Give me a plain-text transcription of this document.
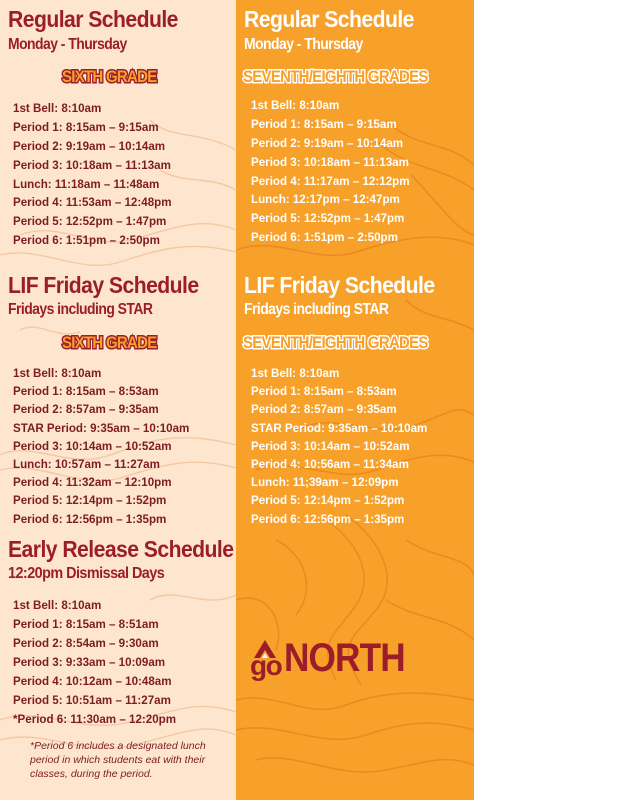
Regular Schedule
Monday - Thursday
SIXTH GRADE
1st Bell: 8:10am
Period 1: 8:15am – 9:15am
Period 2: 9:19am – 10:14am
Period 3: 10:18am – 11:13am
Lunch: 11:18am – 11:48am
Period 4: 11:53am – 12:48pm
Period 5: 12:52pm – 1:47pm
Period 6: 1:51pm – 2:50pm
LIF Friday Schedule
Fridays including STAR
SIXTH GRADE
1st Bell: 8:10am
Period 1: 8:15am – 8:53am
Period 2: 8:57am – 9:35am
STAR Period: 9:35am – 10:10am
Period 3: 10:14am – 10:52am
Lunch: 10:57am – 11:27am
Period 4: 11:32am – 12:10pm
Period 5: 12:14pm – 1:52pm
Period 6: 12:56pm – 1:35pm
Early Release Schedule
12:20pm Dismissal Days
1st Bell: 8:10am
Period 1: 8:15am – 8:51am
Period 2: 8:54am – 9:30am
Period 3: 9:33am – 10:09am
Period 4: 10:12am – 10:48am
Period 5: 10:51am – 11:27am
*Period 6: 11:30am – 12:20pm
*Period 6 includes a designated lunch period in which students eat with their classes, during the period.
Regular Schedule
Monday - Thursday
SEVENTH/EIGHTH GRADES
1st Bell: 8:10am
Period 1: 8:15am – 9:15am
Period 2: 9:19am – 10:14am
Period 3: 10:18am – 11:13am
Period 4: 11:17am – 12:12pm
Lunch: 12:17pm – 12:47pm
Period 5: 12:52pm – 1:47pm
Period 6: 1:51pm – 2:50pm
LIF Friday Schedule
Fridays including STAR
SEVENTH/EIGHTH GRADES
1st Bell: 8:10am
Period 1: 8:15am – 8:53am
Period 2: 8:57am – 9:35am
STAR Period: 9:35am – 10:10am
Period 3: 10:14am – 10:52am
Period 4: 10:56am – 11:34am
Lunch: 11;39am – 12:09pm
Period 5: 12:14pm – 1:52pm
Period 6: 12:56pm – 1:35pm
go NORTH
